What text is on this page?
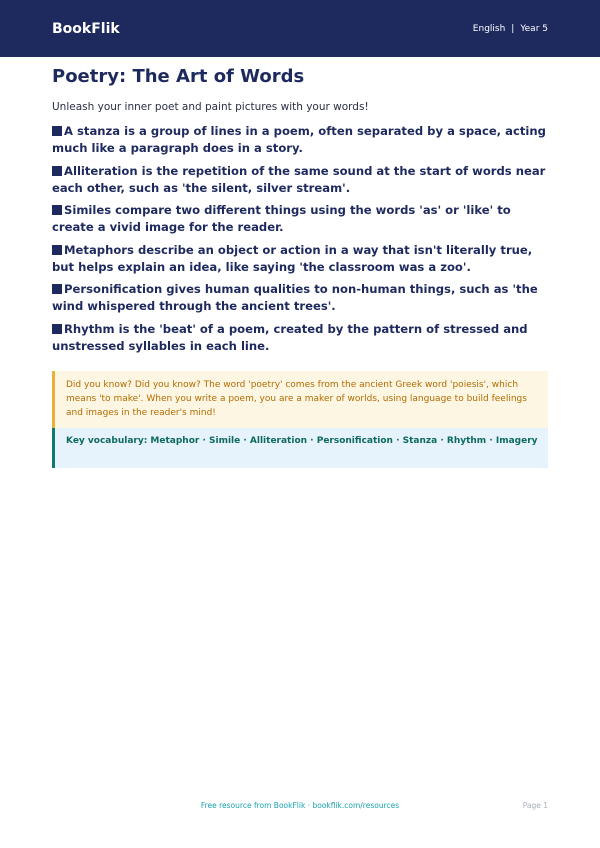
BookFlik	English | Year 5
Poetry: The Art of Words

Unleash your inner poet and paint pictures with your words!

A stanza is a group of lines in a poem, often separated by a space, acting much like a paragraph does in a story.
Alliteration is the repetition of the same sound at the start of words near each other, such as 'the silent, silver stream'.
Similes compare two different things using the words 'as' or 'like' to create a vivid image for the reader.
Metaphors describe an object or action in a way that isn't literally true, but helps explain an idea, like saying 'the classroom was a zoo'.
Personification gives human qualities to non-human things, such as 'the wind whispered through the ancient trees'.
Rhythm is the 'beat' of a poem, created by the pattern of stressed and unstressed syllables in each line.
Did you know? Did you know? The word 'poetry' comes from the ancient Greek word 'poiesis', which means 'to make'. When you write a poem, you are a maker of worlds, using language to build feelings and images in the reader's mind!
Key vocabulary: Metaphor · Simile · Alliteration · Personification · Stanza · Rhythm · Imagery
Free resource from BookFlik · bookflik.com/resources	Page 1
